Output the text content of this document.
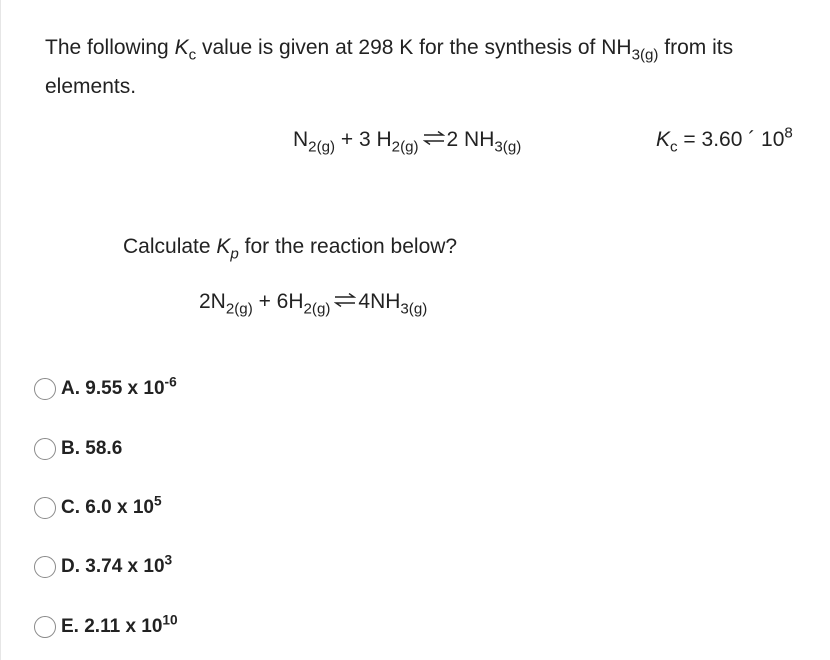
The following $K_c$ value is given at 298 K for the synthesis of $NH_{3(g)}$ from its
elements.
$N_{2(g)} + 3$ $H_{2(g)}$ ⇌ 2 $NH_{3(g)}$	$K_c = 3.60$ ´ $10^8$
Calculate $K_p$ for the reaction below?
$2N_{2(g)} + 6H_{2(g)}$ ⇌ $4NH_{3(g)}$
A. 9.55 x $10^{-6}$
B. 58.6
C. 6.0 x $10^5$
D. 3.74 x $10^3$
E. 2.11 x $10^{10}$
